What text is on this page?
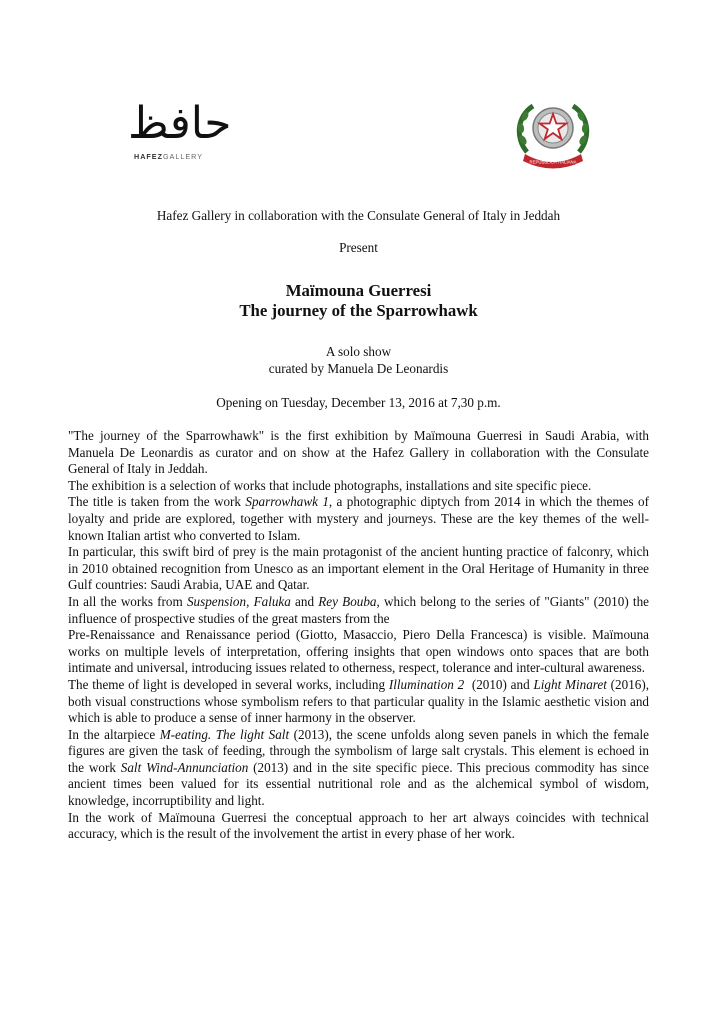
حافظ
HAFEZGALLERY
REPUBBLICA ITALIANA
Hafez Gallery in collaboration with the Consulate General of Italy in Jeddah
Present
Maïmouna Guerresi
The journey of the Sparrowhawk
A solo show
curated by Manuela De Leonardis
Opening on Tuesday, December 13, 2016 at 7,30 p.m.

"The journey of the Sparrowhawk" is the first exhibition by Maïmouna Guerresi in Saudi Arabia, with Manuela De Leonardis as curator and on show at the Hafez Gallery in collaboration with the Consulate General of Italy in Jeddah.

The exhibition is a selection of works that include photographs, installations and site specific piece.

The title is taken from the work Sparrowhawk 1, a photographic diptych from 2014 in which the themes of loyalty and pride are explored, together with mystery and journeys. These are the key themes of the well-known Italian artist who converted to Islam.

In particular, this swift bird of prey is the main protagonist of the ancient hunting practice of falconry, which in 2010 obtained recognition from Unesco as an important element in the Oral Heritage of Humanity in three Gulf countries: Saudi Arabia, UAE and Qatar.

In all the works from Suspension, Faluka and Rey Bouba, which belong to the series of "Giants" (2010) the influence of prospective studies of the great masters from the

Pre-Renaissance and Renaissance period (Giotto, Masaccio, Piero Della Francesca) is visible. Maïmouna works on multiple levels of interpretation, offering insights that open windows onto spaces that are both intimate and universal, introducing issues related to otherness, respect, tolerance and inter-cultural awareness.

The theme of light is developed in several works, including Illumination 2  (2010) and Light Minaret (2016), both visual constructions whose symbolism refers to that particular quality in the Islamic aesthetic vision and which is able to produce a sense of inner harmony in the observer.

In the altarpiece M-eating. The light Salt (2013), the scene unfolds along seven panels in which the female figures are given the task of feeding, through the symbolism of large salt crystals. This element is echoed in the work Salt Wind-Annunciation (2013) and in the site specific piece. This precious commodity has since ancient times been valued for its essential nutritional role and as the alchemical symbol of wisdom, knowledge, incorruptibility and light.

In the work of Maïmouna Guerresi the conceptual approach to her art always coincides with technical accuracy, which is the result of the involvement the artist in every phase of her work.
